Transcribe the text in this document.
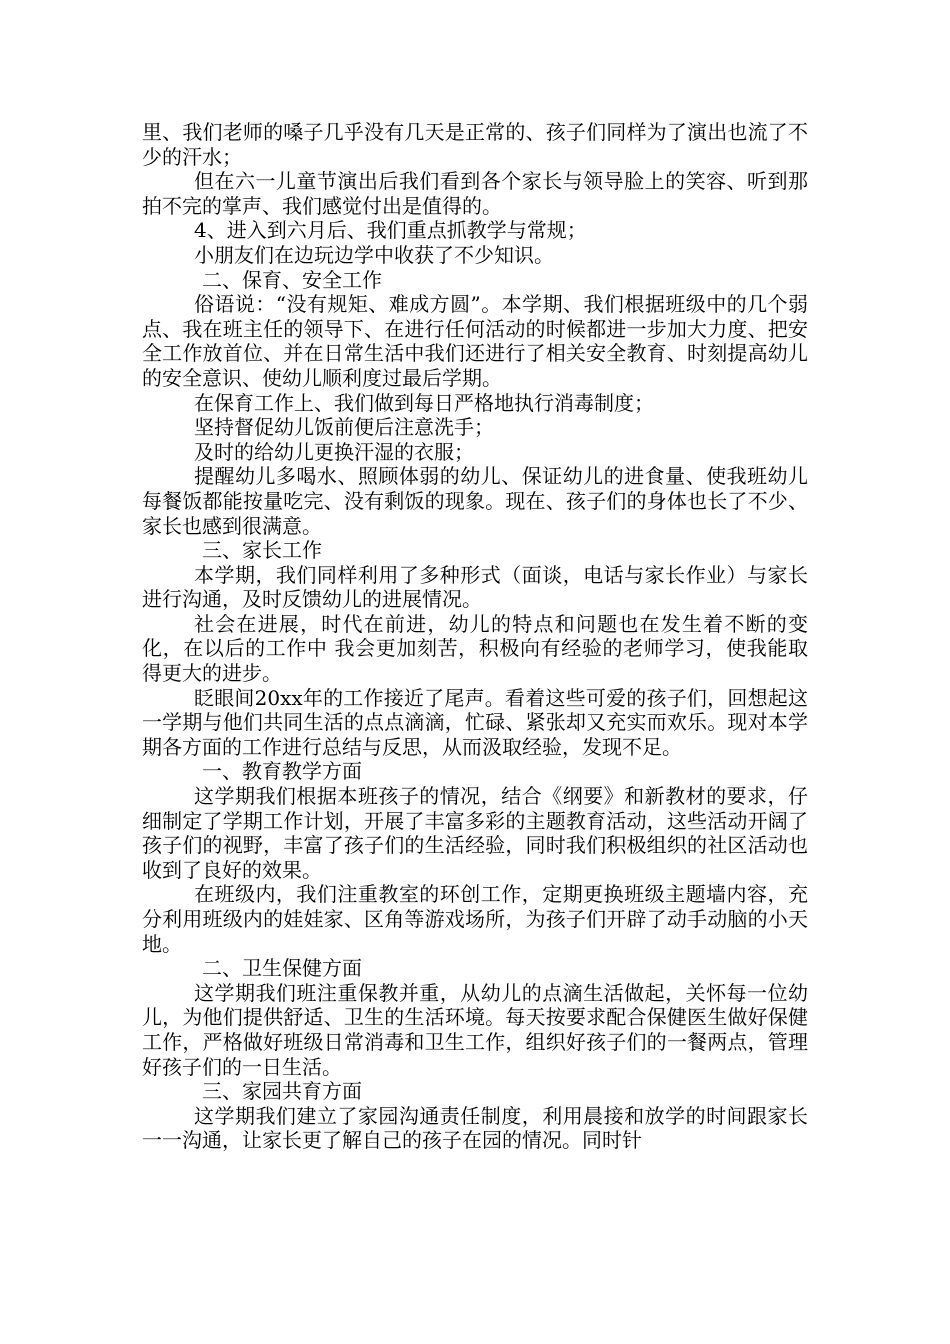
里、我们老师的嗓子几乎没有几天是正常的、孩子们同样为了演出也流了不少的汗水；

但在六一儿童节演出后我们看到各个家长与领导脸上的笑容、听到那拍不完的掌声、我们感觉付出是值得的。

4、进入到六月后、我们重点抓教学与常规；

小朋友们在边玩边学中收获了不少知识。

二、保育、安全工作

俗语说：“没有规矩、难成方圆”。本学期、我们根据班级中的几个弱点、我在班主任的领导下、在进行任何活动的时候都进一步加大力度、把安全工作放首位、并在日常生活中我们还进行了相关安全教育、时刻提高幼儿的安全意识、使幼儿顺利度过最后学期。

在保育工作上、我们做到每日严格地执行消毒制度；

坚持督促幼儿饭前便后注意洗手；

及时的给幼儿更换汗湿的衣服；

提醒幼儿多喝水、照顾体弱的幼儿、保证幼儿的进食量、使我班幼儿每餐饭都能按量吃完、没有剩饭的现象。现在、孩子们的身体也长了不少、家长也感到很满意。

三、家长工作

本学期，我们同样利用了多种形式（面谈，电话与家长作业）与家长进行沟通，及时反馈幼儿的进展情况。

社会在进展，时代在前进，幼儿的特点和问题也在发生着不断的变化，在以后的工作中 我会更加刻苦，积极向有经验的老师学习，使我能取得更大的进步。

眨眼间20xx年的工作接近了尾声。看着这些可爱的孩子们，回想起这一学期与他们共同生活的点点滴滴，忙碌、紧张却又充实而欢乐。现对本学期各方面的工作进行总结与反思，从而汲取经验，发现不足。

一、教育教学方面

这学期我们根据本班孩子的情况，结合《纲要》和新教材的要求，仔细制定了学期工作计划，开展了丰富多彩的主题教育活动，这些活动开阔了孩子们的视野，丰富了孩子们的生活经验，同时我们积极组织的社区活动也收到了良好的效果。

在班级内，我们注重教室的环创工作，定期更换班级主题墙内容，充分利用班级内的娃娃家、区角等游戏场所，为孩子们开辟了动手动脑的小天地。

二、卫生保健方面

这学期我们班注重保教并重，从幼儿的点滴生活做起，关怀每一位幼儿，为他们提供舒适、卫生的生活环境。每天按要求配合保健医生做好保健工作，严格做好班级日常消毒和卫生工作，组织好孩子们的一餐两点，管理好孩子们的一日生活。

三、家园共育方面

这学期我们建立了家园沟通责任制度，利用晨接和放学的时间跟家长一一沟通，让家长更了解自己的孩子在园的情况。同时针
